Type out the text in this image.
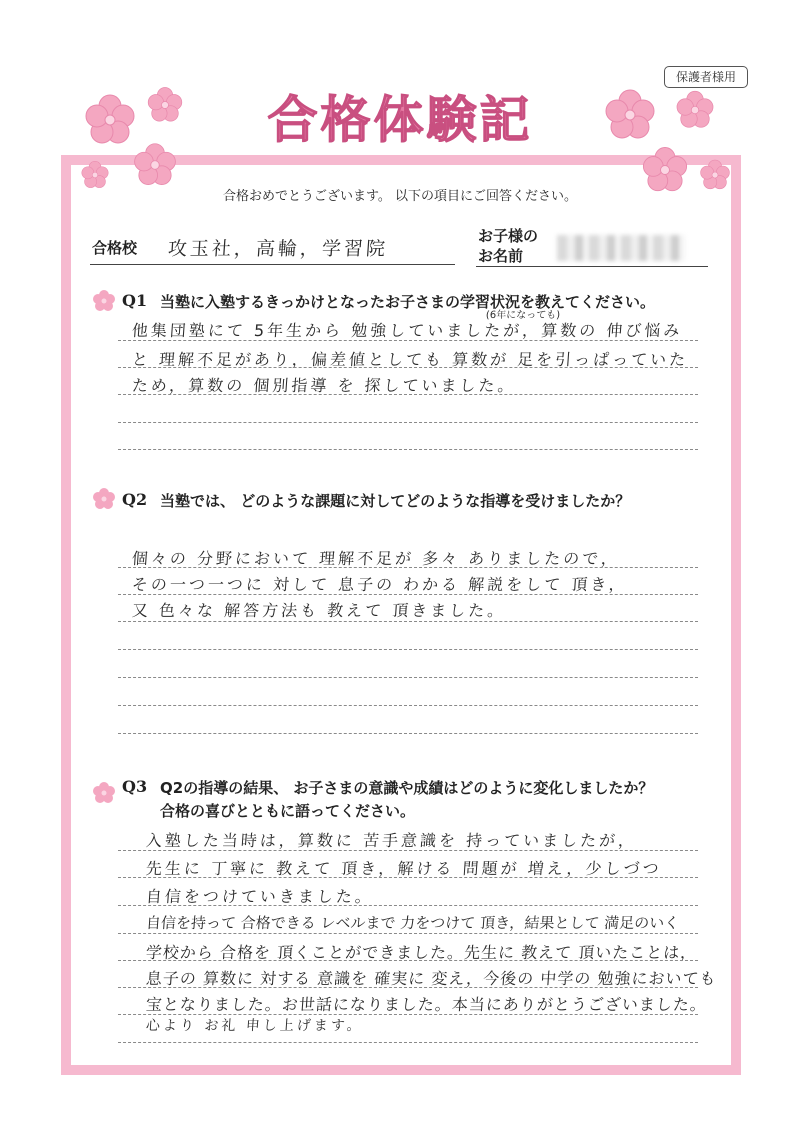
保護者様用
合格体験記
合格おめでとうございます。 以下の項目にご回答ください。
合格校 攻玉社，高輪，学習院
お子様の
お名前
Q1 当塾に入塾するきっかけとなったお子さまの学習状況を教えてください。
(6年になっても)
他集団塾にて 5年生から 勉強していましたが，算数の 伸び悩み
と 理解不足があり，偏差値としても 算数が 足を引っぱっていた
ため，算数の 個別指導 を 探していました。
Q2 当塾では、 どのような課題に対してどのような指導を受けましたか？
個々の 分野において 理解不足が 多々 ありましたので，
その一つ一つに 対して 息子の わかる 解説をして 頂き，
又 色々な 解答方法も 教えて 頂きました。
Q3 Q2の指導の結果、 お子さまの意識や成績はどのように変化しましたか？
合格の喜びとともに語ってください。
入塾した当時は，算数に 苦手意識を 持っていましたが，
先生に 丁寧に 教えて 頂き，解ける 問題が 増え，少しづつ
自信をつけていきました。
自信を持って 合格できる レベルまで 力をつけて 頂き，結果として 満足のいく
学校から 合格を 頂くことができました。先生に 教えて 頂いたことは，
息子の 算数に 対する 意識を 確実に 変え，今後の 中学の 勉強においても
宝となりました。お世話になりました。本当にありがとうございました。
心より お礼 申し上げます。
